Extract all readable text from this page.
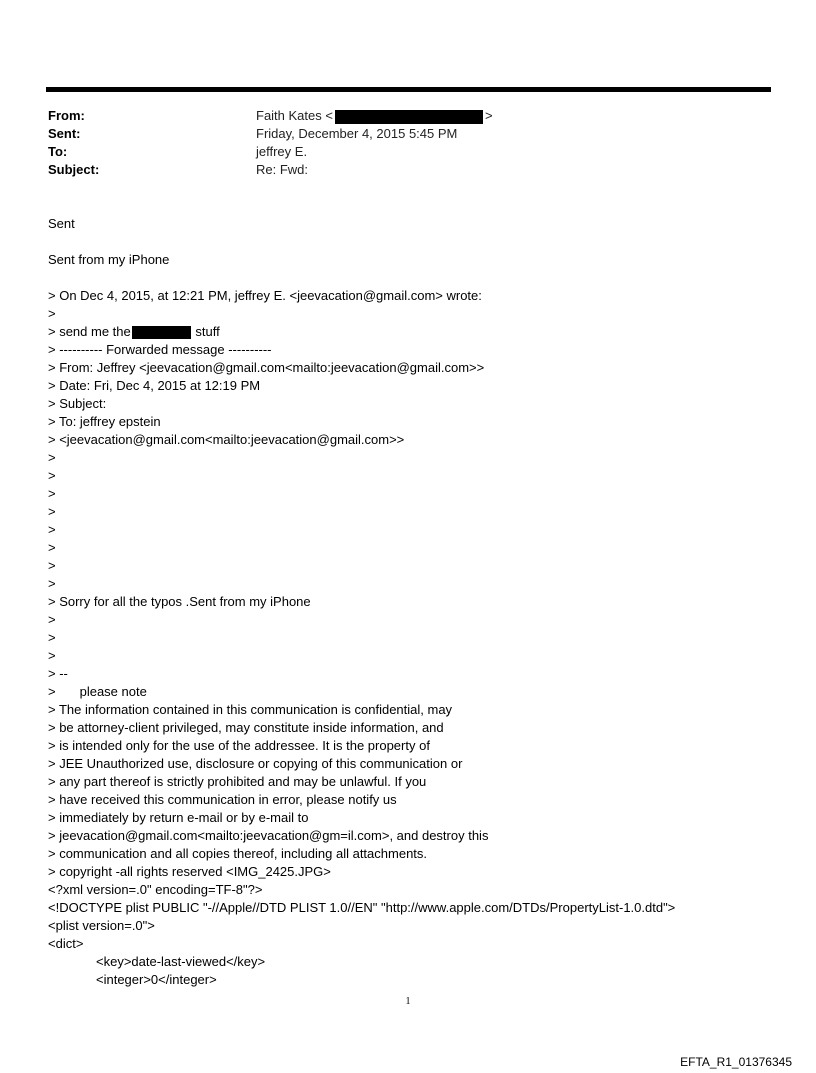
From:	Faith Kates <	>
Sent:	Friday, December 4, 2015 5:45 PM
To:	jeffrey E.
Subject:	Re: Fwd:
Sent
Sent from my iPhone
> On Dec 4, 2015, at 12:21 PM, jeffrey E. <jeevacation@gmail.com> wrote:
>
> send me the	stuff
> ---------- Forwarded message ----------
> From: Jeffrey <jeevacation@gmail.com<mailto:jeevacation@gmail.com>>
> Date: Fri, Dec 4, 2015 at 12:19 PM
> Subject:
> To: jeffrey epstein
> <jeevacation@gmail.com<mailto:jeevacation@gmail.com>>
>
>
>
>
>
>
>
>
> Sorry for all the typos .Sent from my iPhone
>
>
>
> --
> please note
> The information contained in this communication is confidential, may
> be attorney-client privileged, may constitute inside information, and
> is intended only for the use of the addressee. It is the property of
> JEE Unauthorized use, disclosure or copying of this communication or
> any part thereof is strictly prohibited and may be unlawful. If you
> have received this communication in error, please notify us
> immediately by return e-mail or by e-mail to
> jeevacation@gmail.com<mailto:jeevacation@gm=il.com>, and destroy this
> communication and all copies thereof, including all attachments.
> copyright -all rights reserved <IMG_2425.JPG>
<?xml version=.0" encoding=TF-8"?>
<!DOCTYPE plist PUBLIC "-//Apple//DTD PLIST 1.0//EN" "http://www.apple.com/DTDs/PropertyList-1.0.dtd">
<plist version=.0">
<dict>
<key>date-last-viewed</key>
<integer>0</integer>
1
EFTA_R1_01376345
